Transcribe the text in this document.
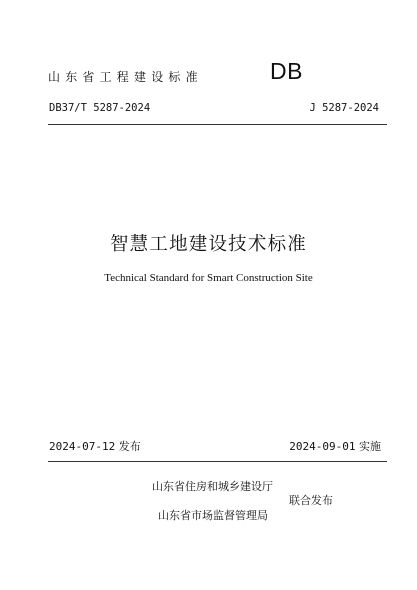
山东省工程建设标准	DB
DB37/T 5287-2024	J 5287-2024
智慧工地建设技术标准
Technical Standard for Smart Construction Site
2024-07-12 发布	2024-09-01 实施
山东省住房和城乡建设厅
联合发布
山东省市场监督管理局
